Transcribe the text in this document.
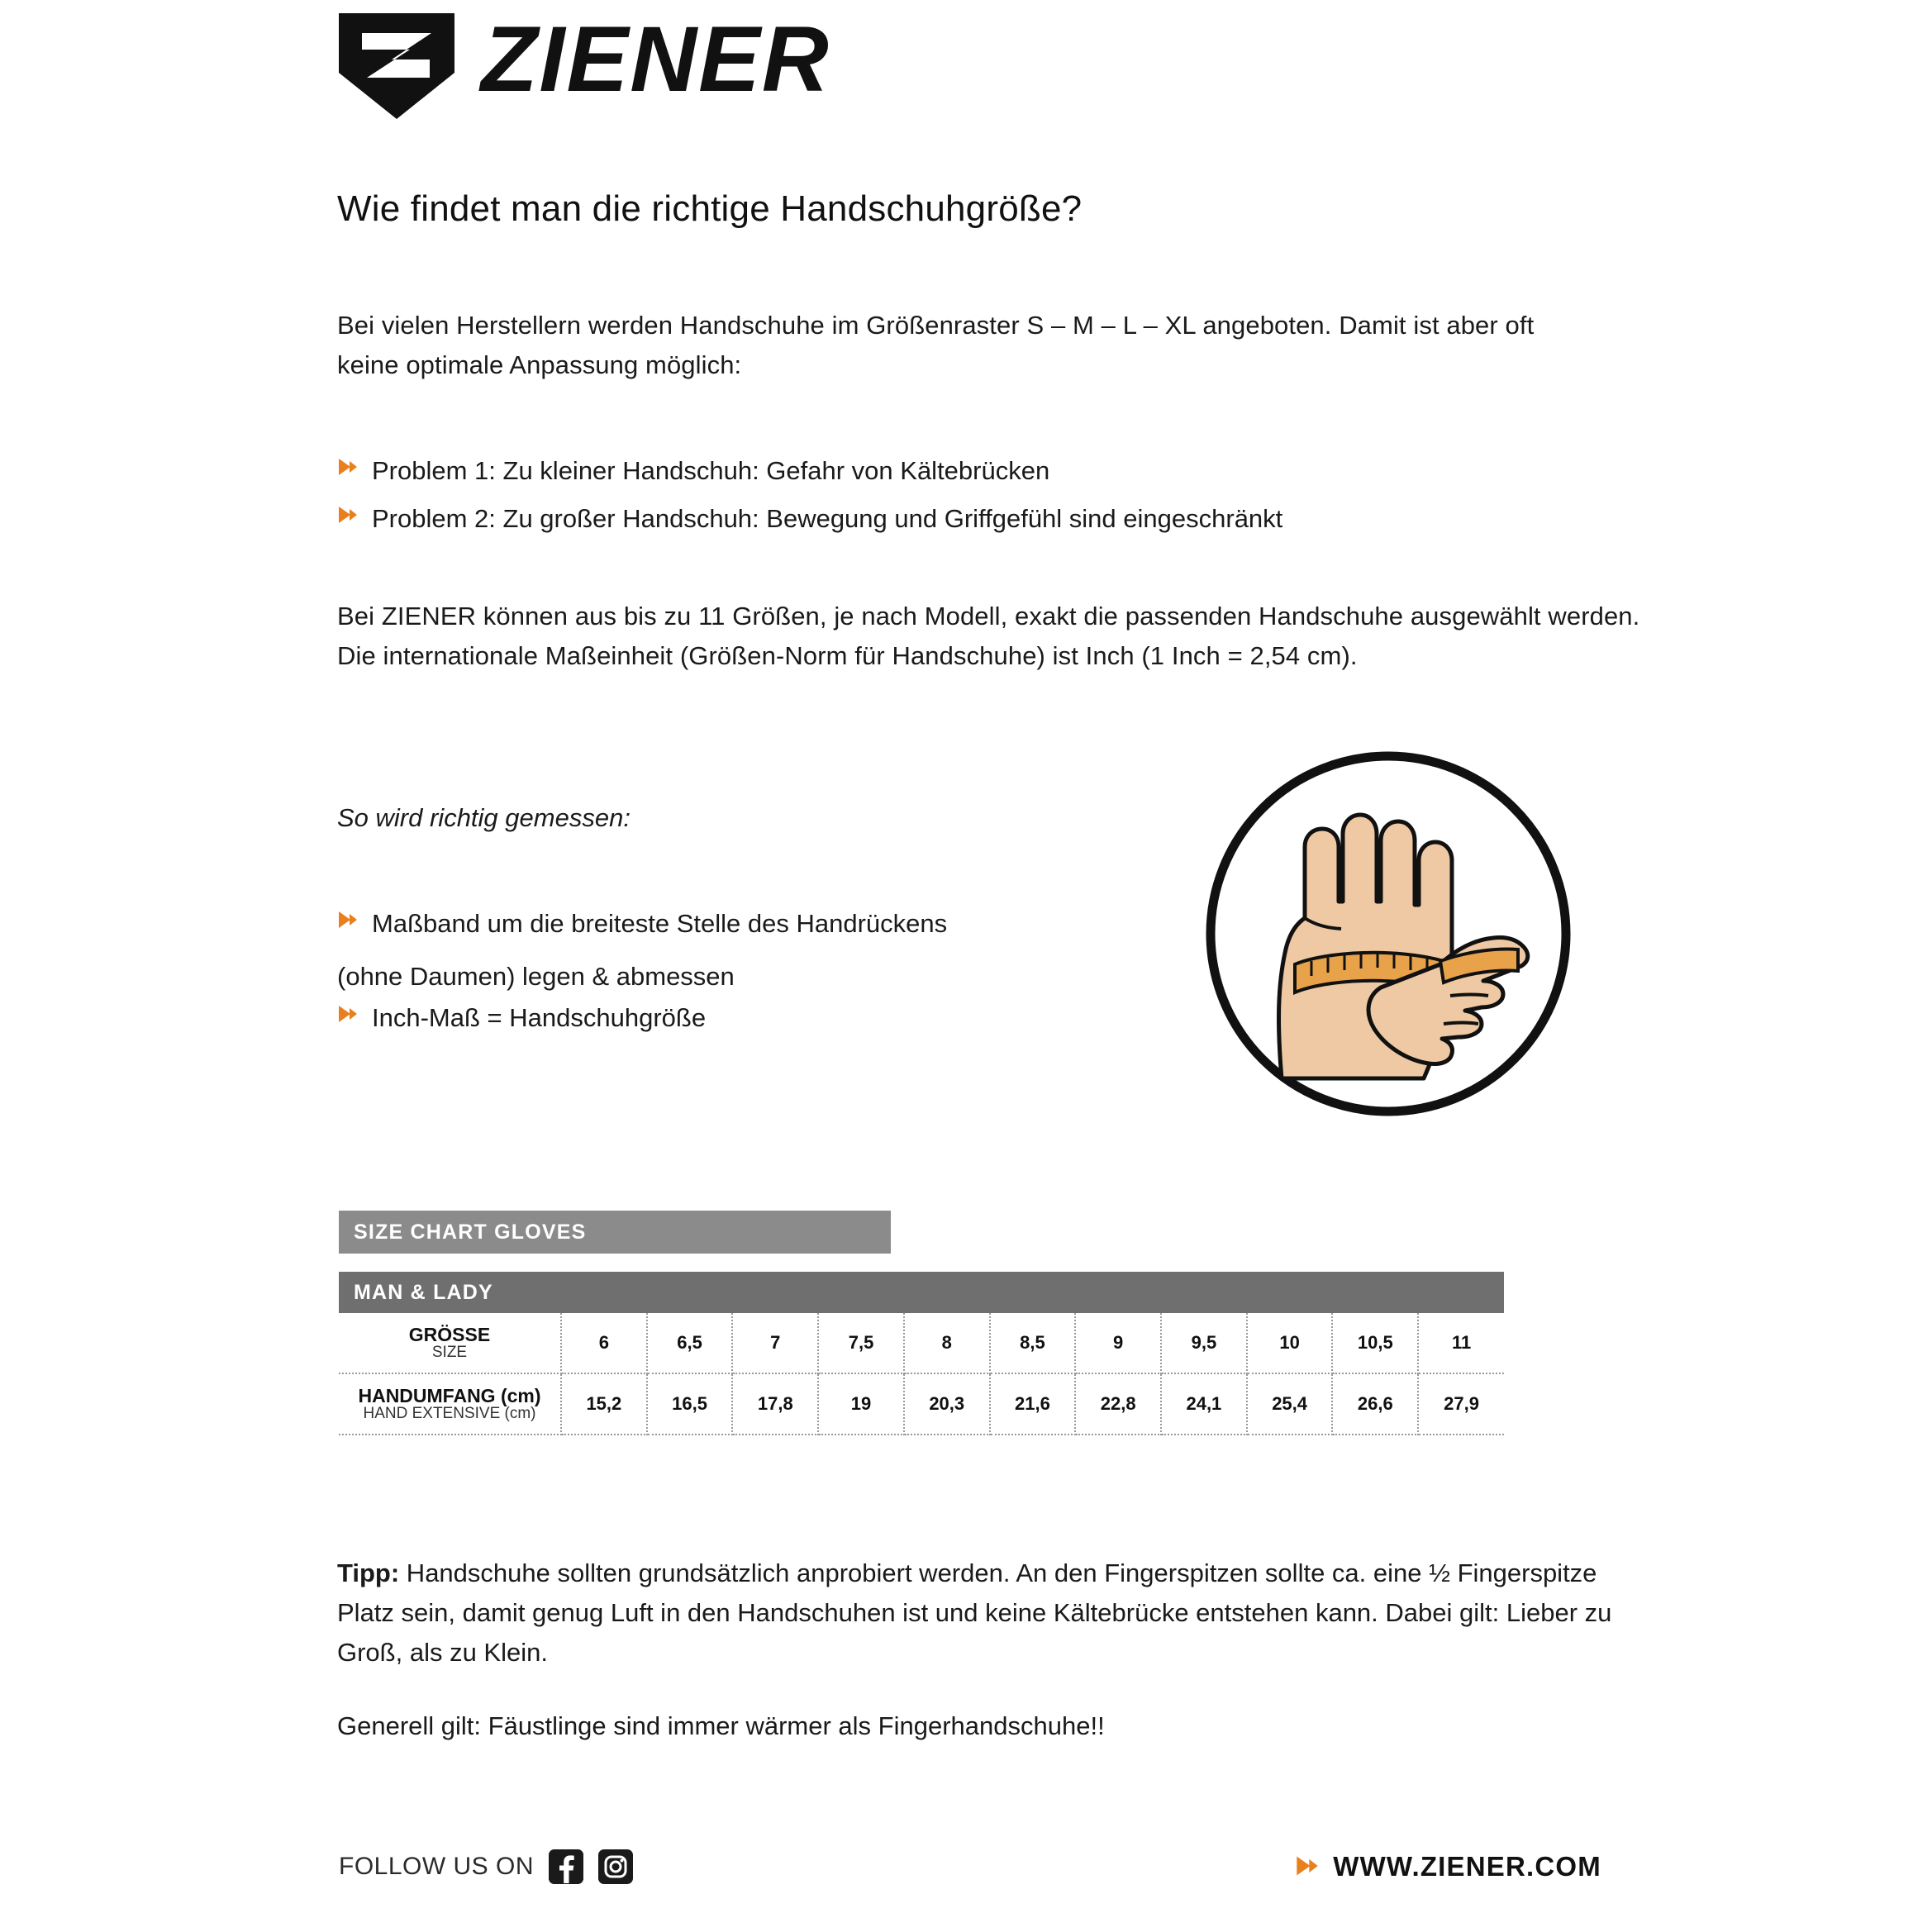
ZIENER
Wie findet man die richtige Handschuhgröße?
Bei vielen Herstellern werden Handschuhe im Größenraster S – M – L – XL angeboten. Damit ist aber oft keine optimale Anpassung möglich:
Problem 1: Zu kleiner Handschuh: Gefahr von Kältebrücken
Problem 2: Zu großer Handschuh: Bewegung und Griffgefühl sind eingeschränkt
Bei ZIENER können aus bis zu 11 Größen, je nach Modell, exakt die passenden Handschuhe ausgewählt werden. Die internationale Maßeinheit (Größen-Norm für Handschuhe) ist Inch (1 Inch = 2,54 cm).
So wird richtig gemessen:
Maßband um die breiteste Stelle des Handrückens
(ohne Daumen) legen & abmessen
Inch-Maß = Handschuhgröße
SIZE CHART GLOVES
MAN & LADY
GRÖSSE
SIZE	6	6,5	7	7,5	8	8,5	9	9,5	10	10,5	11

HANDUMFANG (cm)
HAND EXTENSIVE (cm)	15,2	16,5	17,8	19	20,3	21,6	22,8	24,1	25,4	26,6	27,9
Tipp: Handschuhe sollten grundsätzlich anprobiert werden. An den Fingerspitzen sollte ca. eine ½ Fingerspitze Platz sein, damit genug Luft in den Handschuhen ist und keine Kältebrücke entstehen kann. Dabei gilt: Lieber zu Groß, als zu Klein.
Generell gilt: Fäustlinge sind immer wärmer als Fingerhandschuhe!!
FOLLOW US ON	WWW.ZIENER.COM
